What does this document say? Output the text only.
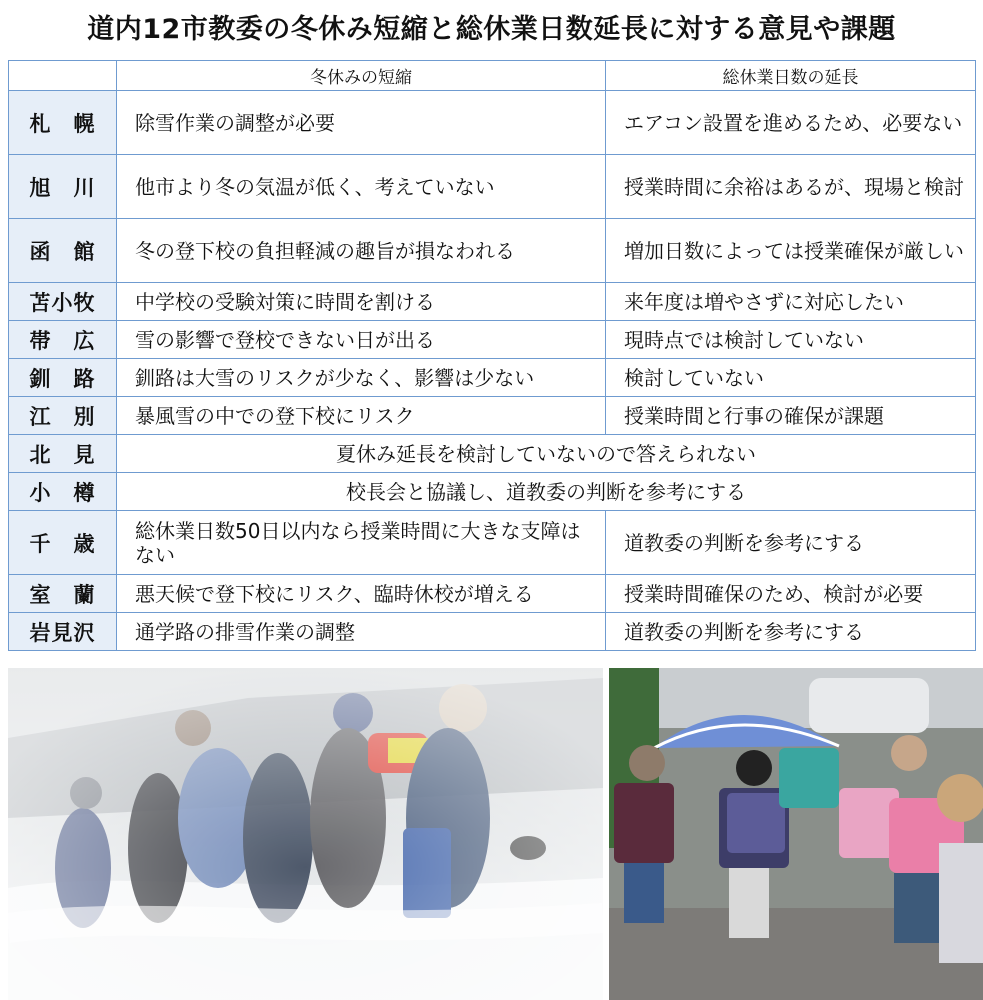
道内12市教委の冬休み短縮と総休業日数延長に対する意見や課題
	冬休みの短縮	総休業日数の延長
札　幌	除雪作業の調整が必要	エアコン設置を進めるため、必要ない
旭　川	他市より冬の気温が低く、考えていない	授業時間に余裕はあるが、現場と検討
函　館	冬の登下校の負担軽減の趣旨が損なわれる	増加日数によっては授業確保が厳しい
苫小牧	中学校の受験対策に時間を割ける	来年度は増やさずに対応したい
帯　広	雪の影響で登校できない日が出る	現時点では検討していない
釧　路	釧路は大雪のリスクが少なく、影響は少ない	検討していない
江　別	暴風雪の中での登下校にリスク	授業時間と行事の確保が課題
北　見	夏休み延長を検討していないので答えられない	
小　樽	校長会と協議し、道教委の判断を参考にする	
千　歳	総休業日数50日以内なら授業時間に大きな支障はない	道教委の判断を参考にする
室　蘭	悪天候で登下校にリスク、臨時休校が増える	授業時間確保のため、検討が必要
岩見沢	通学路の排雪作業の調整	道教委の判断を参考にする
